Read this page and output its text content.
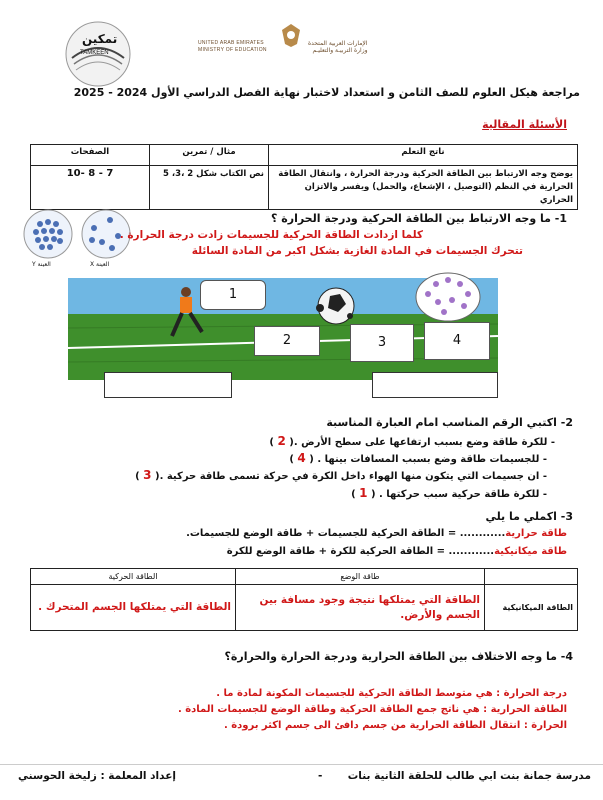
تمكين
TAMKEEN
UNITED ARAB EMIRATES
MINISTRY OF EDUCATION
الإمارات العربية المتحدة
وزارة التربيـة والتعليـم
مراجعة هيكل العلوم للصف الثامن و استعداد لاختبار نهاية الفصل الدراسي الأول 2024 - 2025
الأسئلة المقالية
ناتج التعلم	مثال / تمرين	الصفحات
يوضح وجه الارتباط بين الطاقة الحركية ودرجة الحرارة ، وانتقال الطاقة الحرارية في النظم (التوصيل ، الإشعاع، والحمل) ويفسر والاتزان الحراري	نص الكتاب شكل 2 ،3، 5	7 - 8 -10
العينة Y	العينة X
1- ما وجه الارتباط بين الطاقة الحركية ودرجة الحرارة ؟
كلما ازدادت الطاقة الحركية للجسيمات زادت درجة الحرارة .
تتحرك الجسيمات في المادة الغازية بشكل اكبر من المادة السائلة
1
2	3	4
2- اكتبي الرقم المناسب امام العبارة المناسبة
- للكرة طاقة وضع بسبب ارتفاعها على سطح الأرض .( 2 )
- للجسيمات طاقة وضع بسبب المسافات بينها . ( 4 )
- ان جسيمات التي يتكون منها الهواء داخل الكرة في حركة تسمى طاقة حركية .( 3 )
- للكرة طاقة حركية سبب حركتها . ( 1 )
3- اكملي ما يلي
طاقة حرارية............ = الطاقة الحركية للجسيمات + طاقة الوضع للجسيمات.
طاقة ميكانيكية............ = الطاقة الحركية للكرة + طاقة الوضع للكرة
	طاقة الوضع	الطاقة الحركية
الطاقة الميكانيكية	الطاقة التي يمتلكها نتيجة وجود مسافة بين الجسم والأرض.	الطاقة التي يمتلكها الجسم المتحرك .
4- ما وجه الاختلاف بين الطاقة الحرارية ودرجة الحرارة والحرارة؟
درجة الحرارة : هي متوسط الطاقة الحركية للجسيمات المكونة لمادة ما .
الطاقة الحرارية : هي ناتج جمع الطاقة الحركية وطاقة الوضع للجسيمات المادة .
الحرارة : انتقال الطاقة الحرارية من جسم دافئ الى جسم اكثر برودة .
مدرسة جمانة بنت ابي طالب للحلقة الثانية بنات
-
إعداد المعلمة : زليخة الحوسني
